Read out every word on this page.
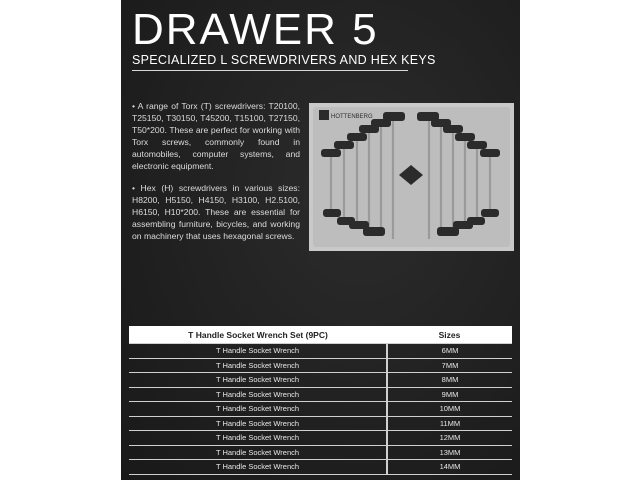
DRAWER 5
SPECIALIZED L SCREWDRIVERS AND HEX KEYS

• A range of Torx (T) screwdrivers: T20100, T25150, T30150, T45200, T15100, T27150, T50*200. These are perfect for working with Torx screws, commonly found in automobiles, computer systems, and electronic equipment.

• Hex (H) screwdrivers in various sizes: H8200, H5150, H4150, H3100, H2.5100, H6150, H10*200. These are essential for assembling furniture, bicycles, and working on machinery that uses hexagonal screws.

HOTTENBERG
T Handle Socket Wrench Set (9PC)	Sizes
T Handle Socket Wrench	6MM
T Handle Socket Wrench	7MM
T Handle Socket Wrench	8MM
T Handle Socket Wrench	9MM
T Handle Socket Wrench	10MM
T Handle Socket Wrench	11MM
T Handle Socket Wrench	12MM
T Handle Socket Wrench	13MM
T Handle Socket Wrench	14MM
